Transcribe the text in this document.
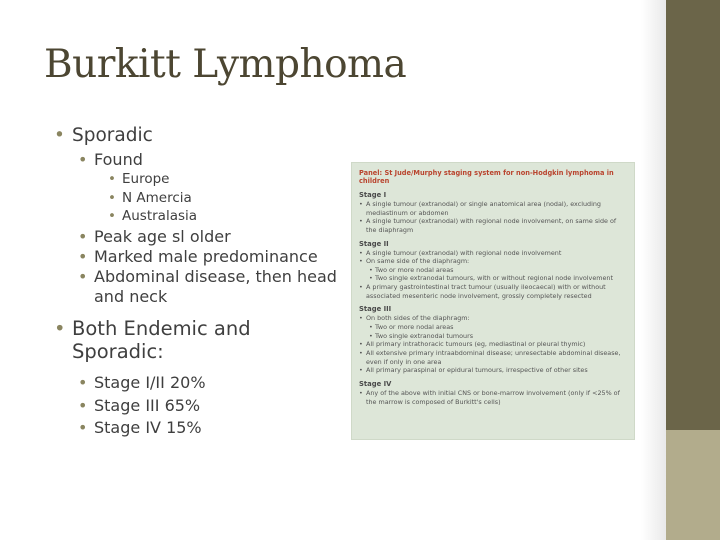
Burkitt Lymphoma
• Sporadic
• Found
• Europe
• N Amercia
• Australasia
• Peak age sl older
• Marked male predominance
• Abdominal disease, then head and neck
• Both Endemic and Sporadic:
• Stage I/II 20%
• Stage III 65%
• Stage IV 15%
Panel: St Jude/Murphy staging system for non-Hodgkin lymphoma in children
Stage I
• A single tumour (extranodal) or single anatomical area (nodal), excluding mediastinum or abdomen
• A single tumour (extranodal) with regional node involvement, on same side of the diaphragm
Stage II
• A single tumour (extranodal) with regional node involvement
• On same side of the diaphragm:
• Two or more nodal areas
• Two single extranodal tumours, with or without regional node involvement
• A primary gastrointestinal tract tumour (usually ileocaecal) with or without associated mesenteric node involvement, grossly completely resected
Stage III
• On both sides of the diaphragm:
• Two or more nodal areas
• Two single extranodal tumours
• All primary intrathoracic tumours (eg, mediastinal or pleural thymic)
• All extensive primary intraabdominal disease; unresectable abdominal disease, even if only in one area
• All primary paraspinal or epidural tumours, irrespective of other sites
Stage IV
• Any of the above with initial CNS or bone-marrow involvement (only if <25% of the marrow is composed of Burkitt's cells)
